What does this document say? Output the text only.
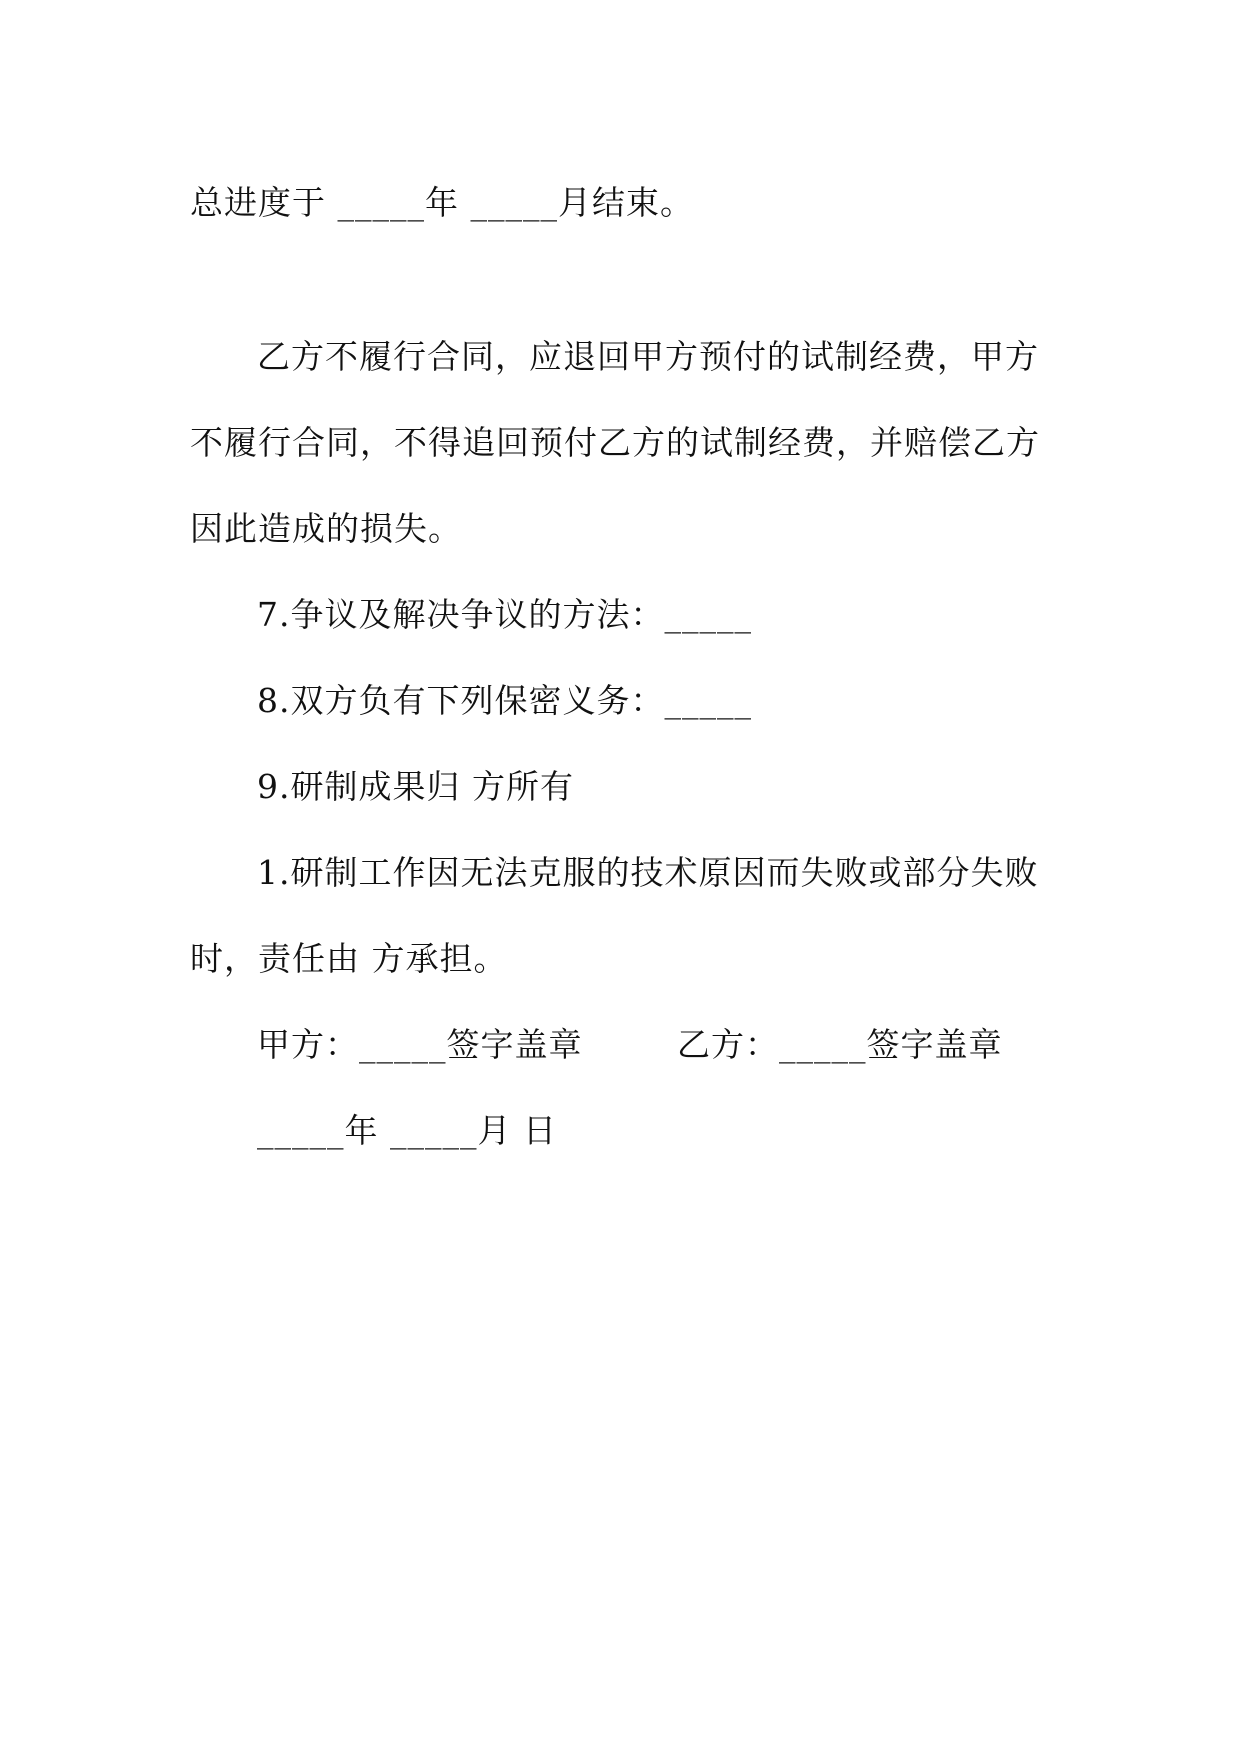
总进度于 _____年 _____月结束。
乙方不履行合同，应退回甲方预付的试制经费，甲方
不履行合同，不得追回预付乙方的试制经费，并赔偿乙方
因此造成的损失。
7.争议及解决争议的方法：_____
8.双方负有下列保密义务：_____
9.研制成果归 方所有
1.研制工作因无法克服的技术原因而失败或部分失败
时，责任由 方承担。
甲方：_____签字盖章	乙方：_____签字盖章
_____年 _____月 日
